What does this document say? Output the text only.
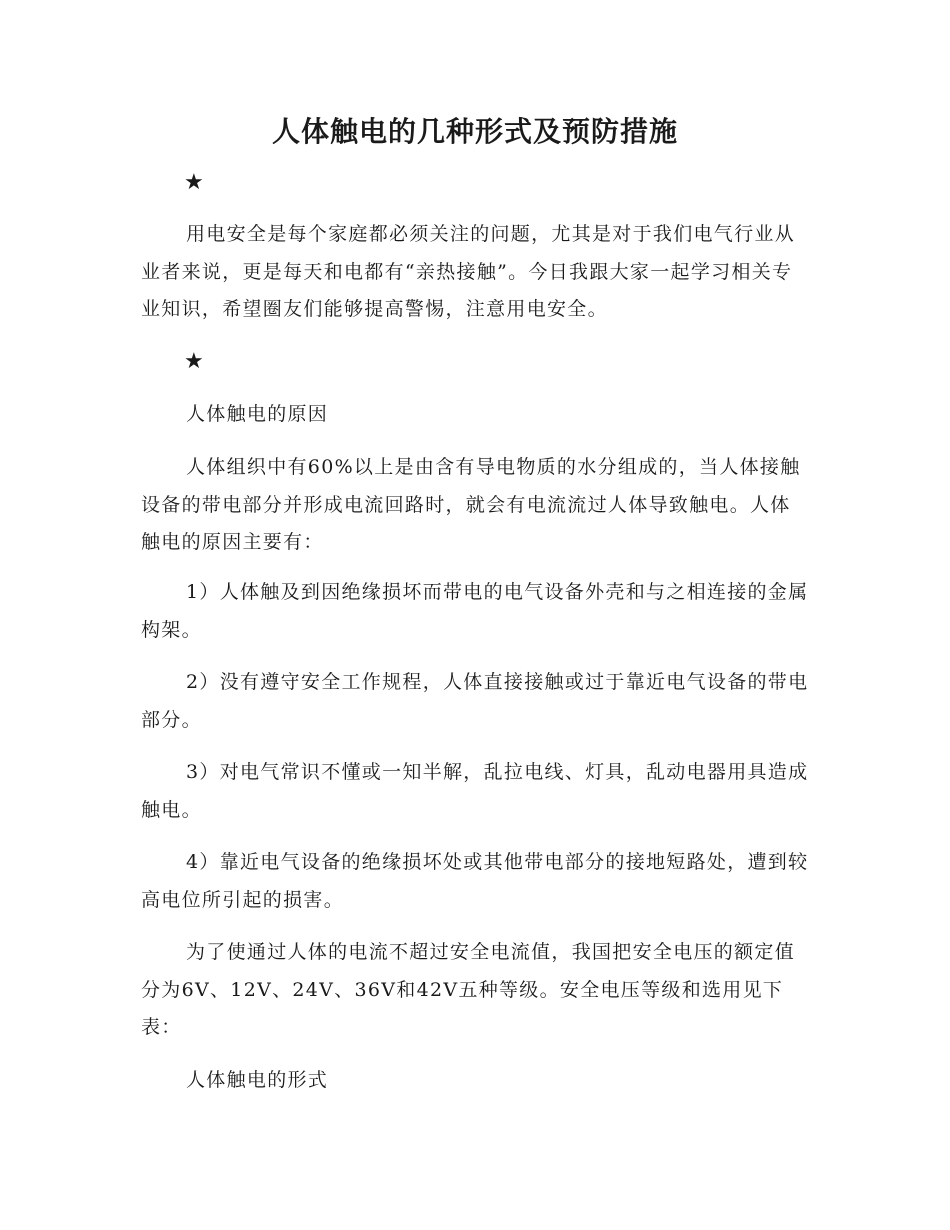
人体触电的几种形式及预防措施
★

用电安全是每个家庭都必须关注的问题，尤其是对于我们电气行业从业者来说，更是每天和电都有“亲热接触”。今日我跟大家一起学习相关专业知识，希望圈友们能够提高警惕，注意用电安全。

★

人体触电的原因

人体组织中有60%以上是由含有导电物质的水分组成的，当人体接触设备的带电部分并形成电流回路时，就会有电流流过人体导致触电。人体触电的原因主要有：

1）人体触及到因绝缘损坏而带电的电气设备外壳和与之相连接的金属构架。

2）没有遵守安全工作规程，人体直接接触或过于靠近电气设备的带电部分。

3）对电气常识不懂或一知半解，乱拉电线、灯具，乱动电器用具造成触电。

4）靠近电气设备的绝缘损坏处或其他带电部分的接地短路处，遭到较高电位所引起的损害。

为了使通过人体的电流不超过安全电流值，我国把安全电压的额定值分为6V、12V、24V、36V和42V五种等级。安全电压等级和选用见下表：

人体触电的形式
